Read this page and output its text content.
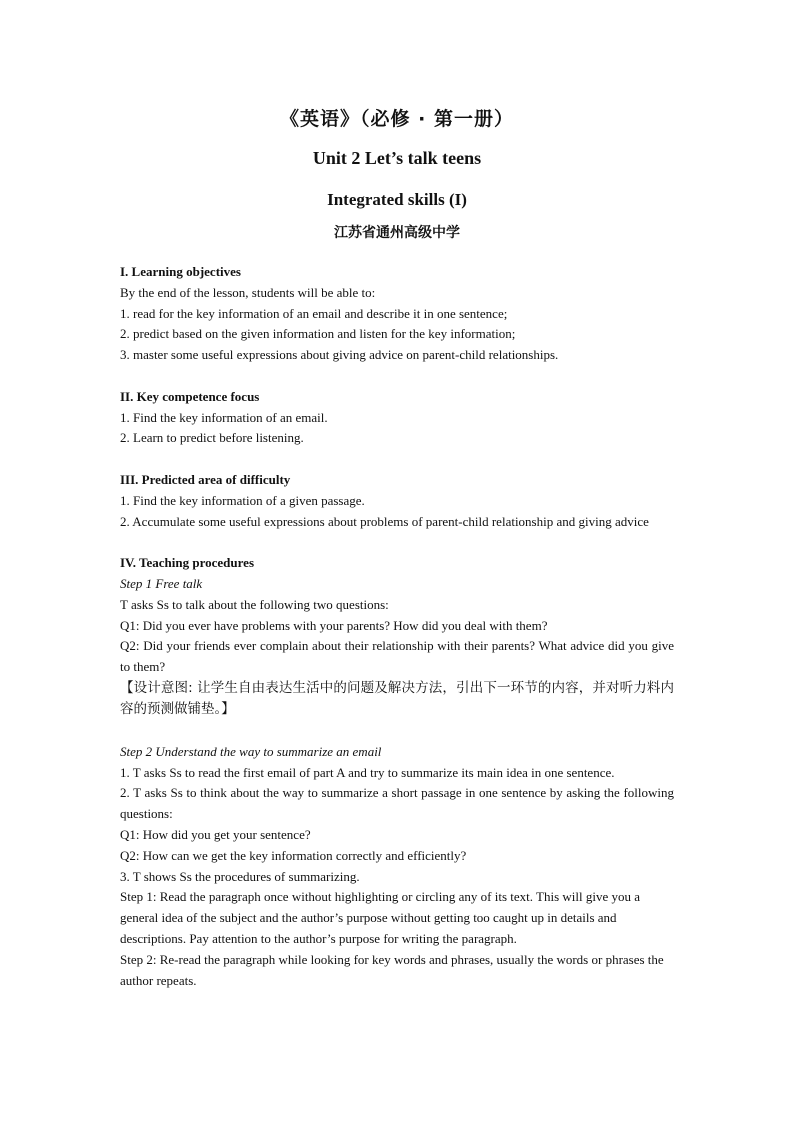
《英语》（必修 · 第一册）
Unit 2 Let’s talk teens
Integrated skills (I)
江苏省通州高级中学

I. Learning objectives

By the end of the lesson, students will be able to:

1. read for the key information of an email and describe it in one sentence;

2. predict based on the given information and listen for the key information;

3. master some useful expressions about giving advice on parent-child relationships.

II. Key competence focus

1. Find the key information of an email.

2. Learn to predict before listening.

III. Predicted area of difficulty

1. Find the key information of a given passage.

2. Accumulate some useful expressions about problems of parent-child relationship and giving advice

IV. Teaching procedures

Step 1 Free talk

T asks Ss to talk about the following two questions:

Q1: Did you ever have problems with your parents? How did you deal with them?

Q2: Did your friends ever complain about their relationship with their parents? What advice did you give to them?

【设计意图: 让学生自由表达生活中的问题及解决方法，引出下一环节的内容，并对听力料内容的预测做铺垫。】

Step 2 Understand the way to summarize an email

1. T asks Ss to read the first email of part A and try to summarize its main idea in one sentence.

2. T asks Ss to think about the way to summarize a short passage in one sentence by asking the following questions:

Q1: How did you get your sentence?

Q2: How can we get the key information correctly and efficiently?

3. T shows Ss the procedures of summarizing.

Step 1: Read the paragraph once without highlighting or circling any of its text. This will give you a general idea of the subject and the author’s purpose without getting too caught up in details and descriptions. Pay attention to the author’s purpose for writing the paragraph.

Step 2: Re-read the paragraph while looking for key words and phrases, usually the words or phrases the author repeats.
